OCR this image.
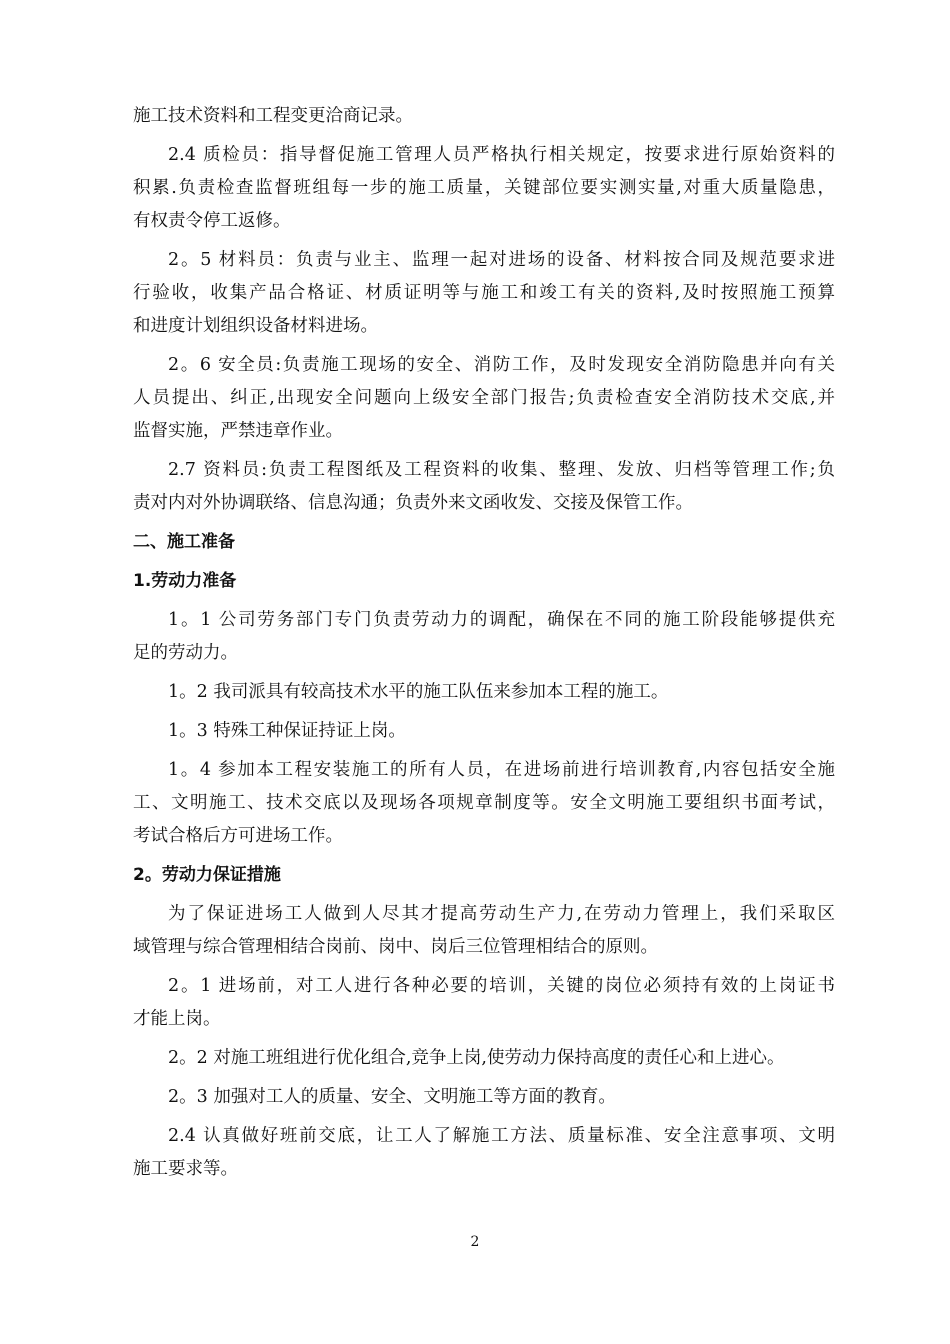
施工技术资料和工程变更洽商记录。
2.4 质检员：指导督促施工管理人员严格执行相关规定，按要求进行原始资料的
积累.负责检查监督班组每一步的施工质量，关键部位要实测实量,对重大质量隐患，
有权责令停工返修。
2。5 材料员：负责与业主、监理一起对进场的设备、材料按合同及规范要求进
行验收，收集产品合格证、材质证明等与施工和竣工有关的资料,及时按照施工预算
和进度计划组织设备材料进场。
2。6 安全员:负责施工现场的安全、消防工作，及时发现安全消防隐患并向有关
人员提出、纠正,出现安全问题向上级安全部门报告;负责检查安全消防技术交底,并
监督实施，严禁违章作业。
2.7 资料员:负责工程图纸及工程资料的收集、整理、发放、归档等管理工作;负
责对内对外协调联络、信息沟通；负责外来文函收发、交接及保管工作。
二、施工准备
1.劳动力准备
1。1 公司劳务部门专门负责劳动力的调配，确保在不同的施工阶段能够提供充
足的劳动力。
1。2 我司派具有较高技术水平的施工队伍来参加本工程的施工。
1。3 特殊工种保证持证上岗。
1。4 参加本工程安装施工的所有人员，在进场前进行培训教育,内容包括安全施
工、文明施工、技术交底以及现场各项规章制度等。安全文明施工要组织书面考试，
考试合格后方可进场工作。
2。劳动力保证措施
为了保证进场工人做到人尽其才提高劳动生产力,在劳动力管理上，我们采取区
域管理与综合管理相结合岗前、岗中、岗后三位管理相结合的原则。
2。1 进场前，对工人进行各种必要的培训，关键的岗位必须持有效的上岗证书
才能上岗。
2。2 对施工班组进行优化组合,竞争上岗,使劳动力保持高度的责任心和上进心。
2。3 加强对工人的质量、安全、文明施工等方面的教育。
2.4 认真做好班前交底，让工人了解施工方法、质量标准、安全注意事项、文明
施工要求等。
2
